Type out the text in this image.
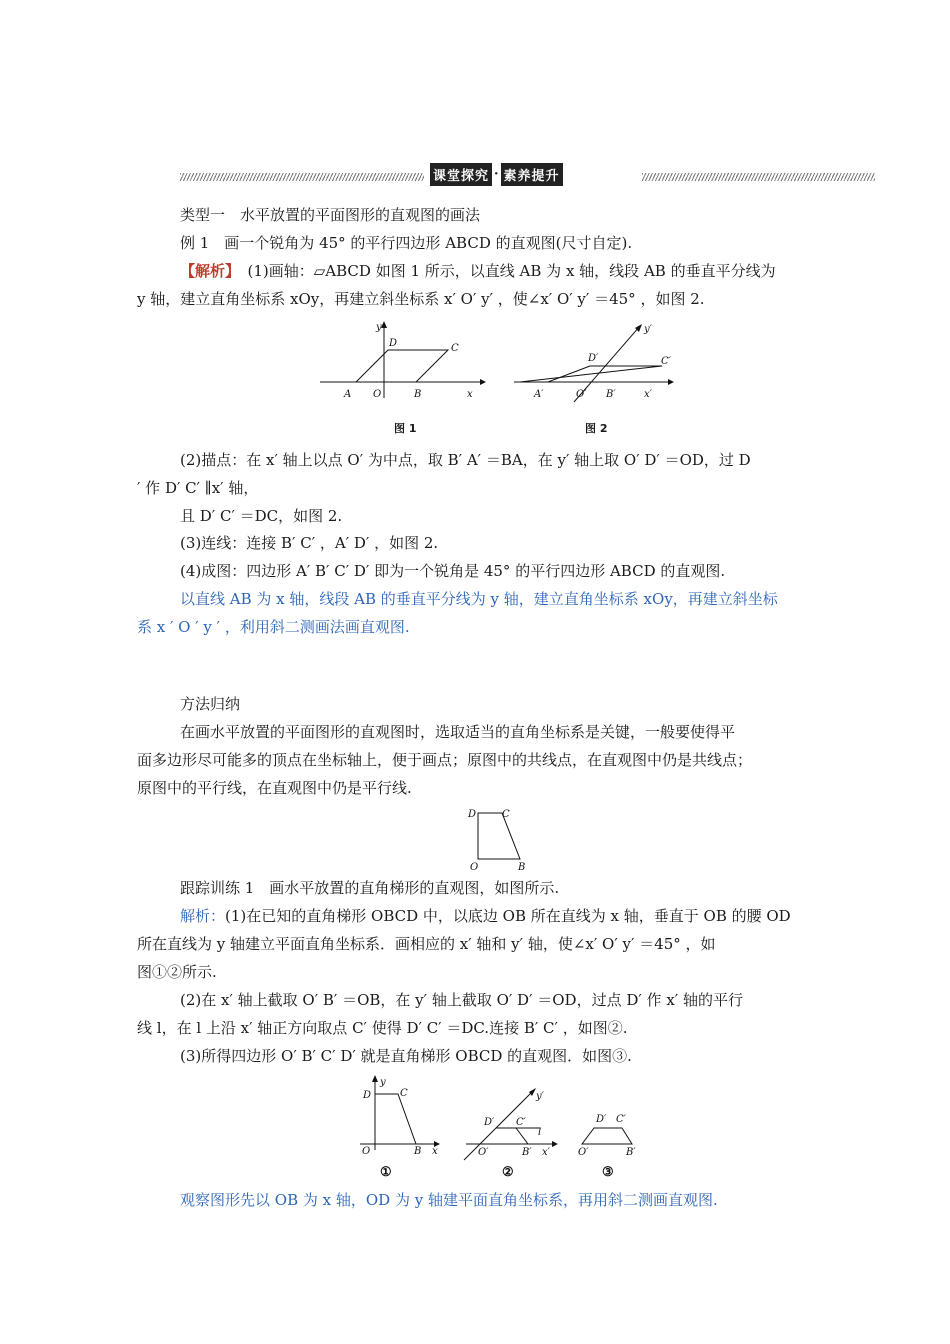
课堂探究 · 素养提升
类型一　水平放置的平面图形的直观图的画法
例 1　画一个锐角为 45° 的平行四边形 ABCD 的直观图(尺寸自定).
【解析】　(1)画轴：▱ABCD 如图 1 所示，以直线 AB 为 x 轴，线段 AB 的垂直平分线为
y 轴，建立直角坐标系 xOy，再建立斜坐标系 x′ O′ y′ ，使∠x′ O′ y′ ＝45° ，如图 2.
y
D	C
A O	B	x
图 1
y′
D′	C′
A′	O′ B′	x′
图 2
(2)描点：在 x′ 轴上以点 O′ 为中点，取 B′ A′ ＝BA，在 y′ 轴上取 O′ D′ ＝OD，过 D
′ 作 D′ C′ ∥x′ 轴，
且 D′ C′ ＝DC，如图 2.
(3)连线：连接 B′ C′ ，A′ D′ ，如图 2.
(4)成图：四边形 A′ B′ C′ D′ 即为一个锐角是 45° 的平行四边形 ABCD 的直观图.
以直线 AB 为 x 轴，线段 AB 的垂直平分线为 y 轴，建立直角坐标系 xOy，再建立斜坐标
系 x ′ O ′ y ′ ，利用斜二测画法画直观图.
方法归纳
在画水平放置的平面图形的直观图时，选取适当的直角坐标系是关键，一般要使得平
面多边形尽可能多的顶点在坐标轴上，便于画点；原图中的共线点，在直观图中仍是共线点；
原图中的平行线，在直观图中仍是平行线.
D	C
O	B
跟踪训练 1　画水平放置的直角梯形的直观图，如图所示.
解析：(1)在已知的直角梯形 OBCD 中，以底边 OB 所在直线为 x 轴，垂直于 OB 的腰 OD
所在直线为 y 轴建立平面直角坐标系．画相应的 x′ 轴和 y′ 轴，使∠x′ O′ y′ ＝45° ，如
图①②所示.
(2)在 x′ 轴上截取 O′ B′ ＝OB，在 y′ 轴上截取 O′ D′ ＝OD，过点 D′ 作 x′ 轴的平行
线 l，在 l 上沿 x′ 轴正方向取点 C′ 使得 D′ C′ ＝DC.连接 B′ C′ ，如图②.
(3)所得四边形 O′ B′ C′ D′ 就是直角梯形 OBCD 的直观图．如图③.
y
D	C
O	B x
①
y′
D′ C′
l
O′	B′ x′
②
D′ C′
O′	B′
③
观察图形先以 OB 为 x 轴，OD 为 y 轴建平面直角坐标系，再用斜二测画直观图.
